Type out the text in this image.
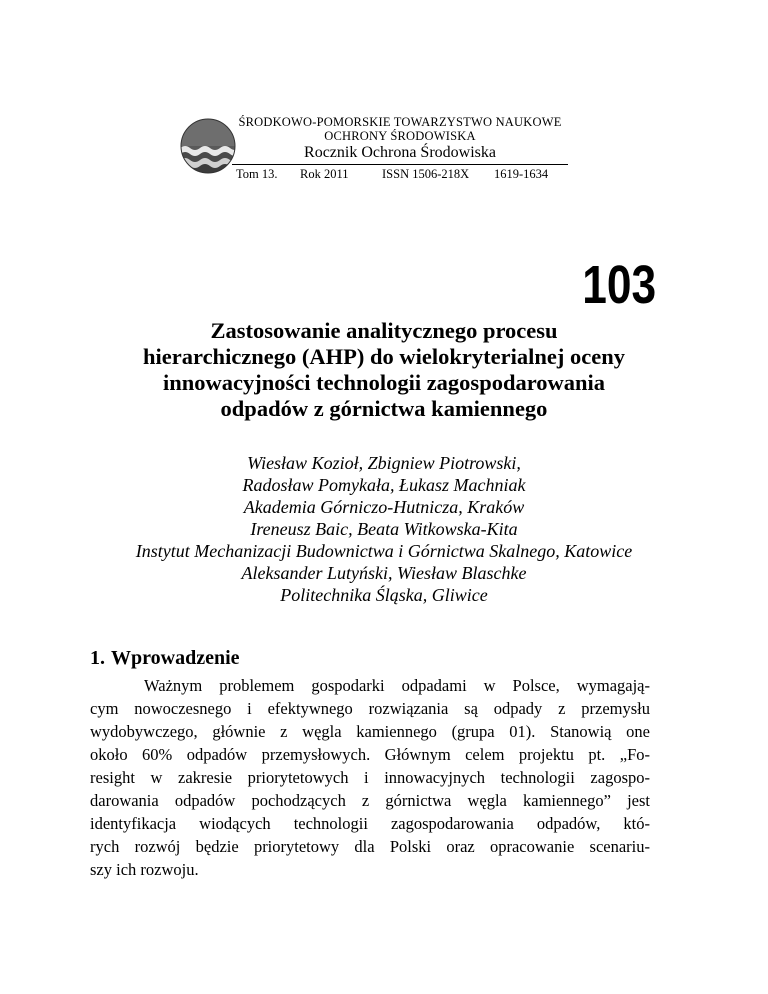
ŚRODKOWO-POMORSKIE TOWARZYSTWO NAUKOWE
OCHRONY ŚRODOWISKA
Rocznik Ochrona Środowiska
Tom 13.	Rok 2011	ISSN 1506-218X	1619-1634
103
Zastosowanie analitycznego procesu
hierarchicznego (AHP) do wielokryterialnej oceny
innowacyjności technologii zagospodarowania
odpadów z górnictwa kamiennego
Wiesław Kozioł, Zbigniew Piotrowski,
Radosław Pomykała, Łukasz Machniak
Akademia Górniczo-Hutnicza, Kraków
Ireneusz Baic, Beata Witkowska-Kita
Instytut Mechanizacji Budownictwa i Górnictwa Skalnego, Katowice
Aleksander Lutyński, Wiesław Blaschke
Politechnika Śląska, Gliwice
1. Wprowadzenie
Ważnym problemem gospodarki odpadami w Polsce, wymagają-
cym nowoczesnego i efektywnego rozwiązania są odpady z przemysłu
wydobywczego, głównie z węgla kamiennego (grupa 01). Stanowią one
około 60% odpadów przemysłowych. Głównym celem projektu pt. „Fo-
resight w zakresie priorytetowych i innowacyjnych technologii zagospo-
darowania odpadów pochodzących z górnictwa węgla kamiennego” jest
identyfikacja wiodących technologii zagospodarowania odpadów, któ-
rych rozwój będzie priorytetowy dla Polski oraz opracowanie scenariu-
szy ich rozwoju.
